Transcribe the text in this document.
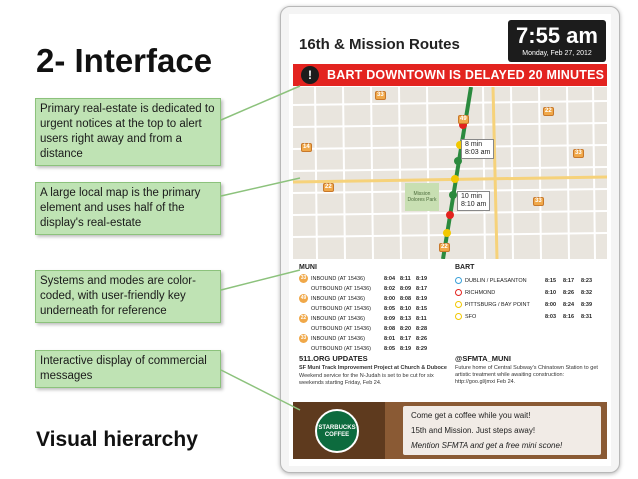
2- Interface
Primary real-estate is dedicated to urgent notices at the top to alert users right away and from a distance
A large local map is the primary element and uses half of the display's real-estate
Systems and modes are color-coded, with user-friendly key underneath for reference
Interactive display of commercial messages
Visual hierarchy
16th & Mission Routes	7:55 am
Monday, Feb 27, 2012
!	BART DOWNTOWN IS DELAYED 20 MINUTES
Mission Dolores Park
33
22
14
33
22
33
49
22
8 min
8:03 am
10 min
8:10 am
MUNI
33 INBOUND (AT 15436)	8:04 8:11 8:19
OUTBOUND (AT 15436) 8:02 8:09 8:17
49 INBOUND (AT 15436)	8:00 8:08 8:19
OUTBOUND (AT 15436) 8:05 8:10 8:15
22 INBOUND (AT 15436)	8:09 8:13 8:11
OUTBOUND (AT 15436) 8:08 8:20 8:28
33 INBOUND (AT 15436)	8:01 8:17 8:26
OUTBOUND (AT 15436) 8:05 8:19 8:29
BART
DUBLIN / PLEASANTON	8:15 8:17 8:23
RICHMOND	8:10 8:26 8:32
PITTSBURG / BAY POINT	8:00 8:24 8:39
SFO	8:03 8:16 8:31
511.ORG UPDATES
SF Muni Track Improvement Project at Church & Duboce
Weekend service for the N-Judah is set to be cut for six weekends starting Friday, Feb 24.
@SFMTA_MUNI
Future home of Central Subway's Chinatown Station to get artistic treatment while awaiting construction: http://goo.gl/jmxi Feb 24.
STARBUCKS COFFEE
Come get a coffee while you wait!
15th and Mission. Just steps away!
Mention SFMTA and get a free mini scone!
